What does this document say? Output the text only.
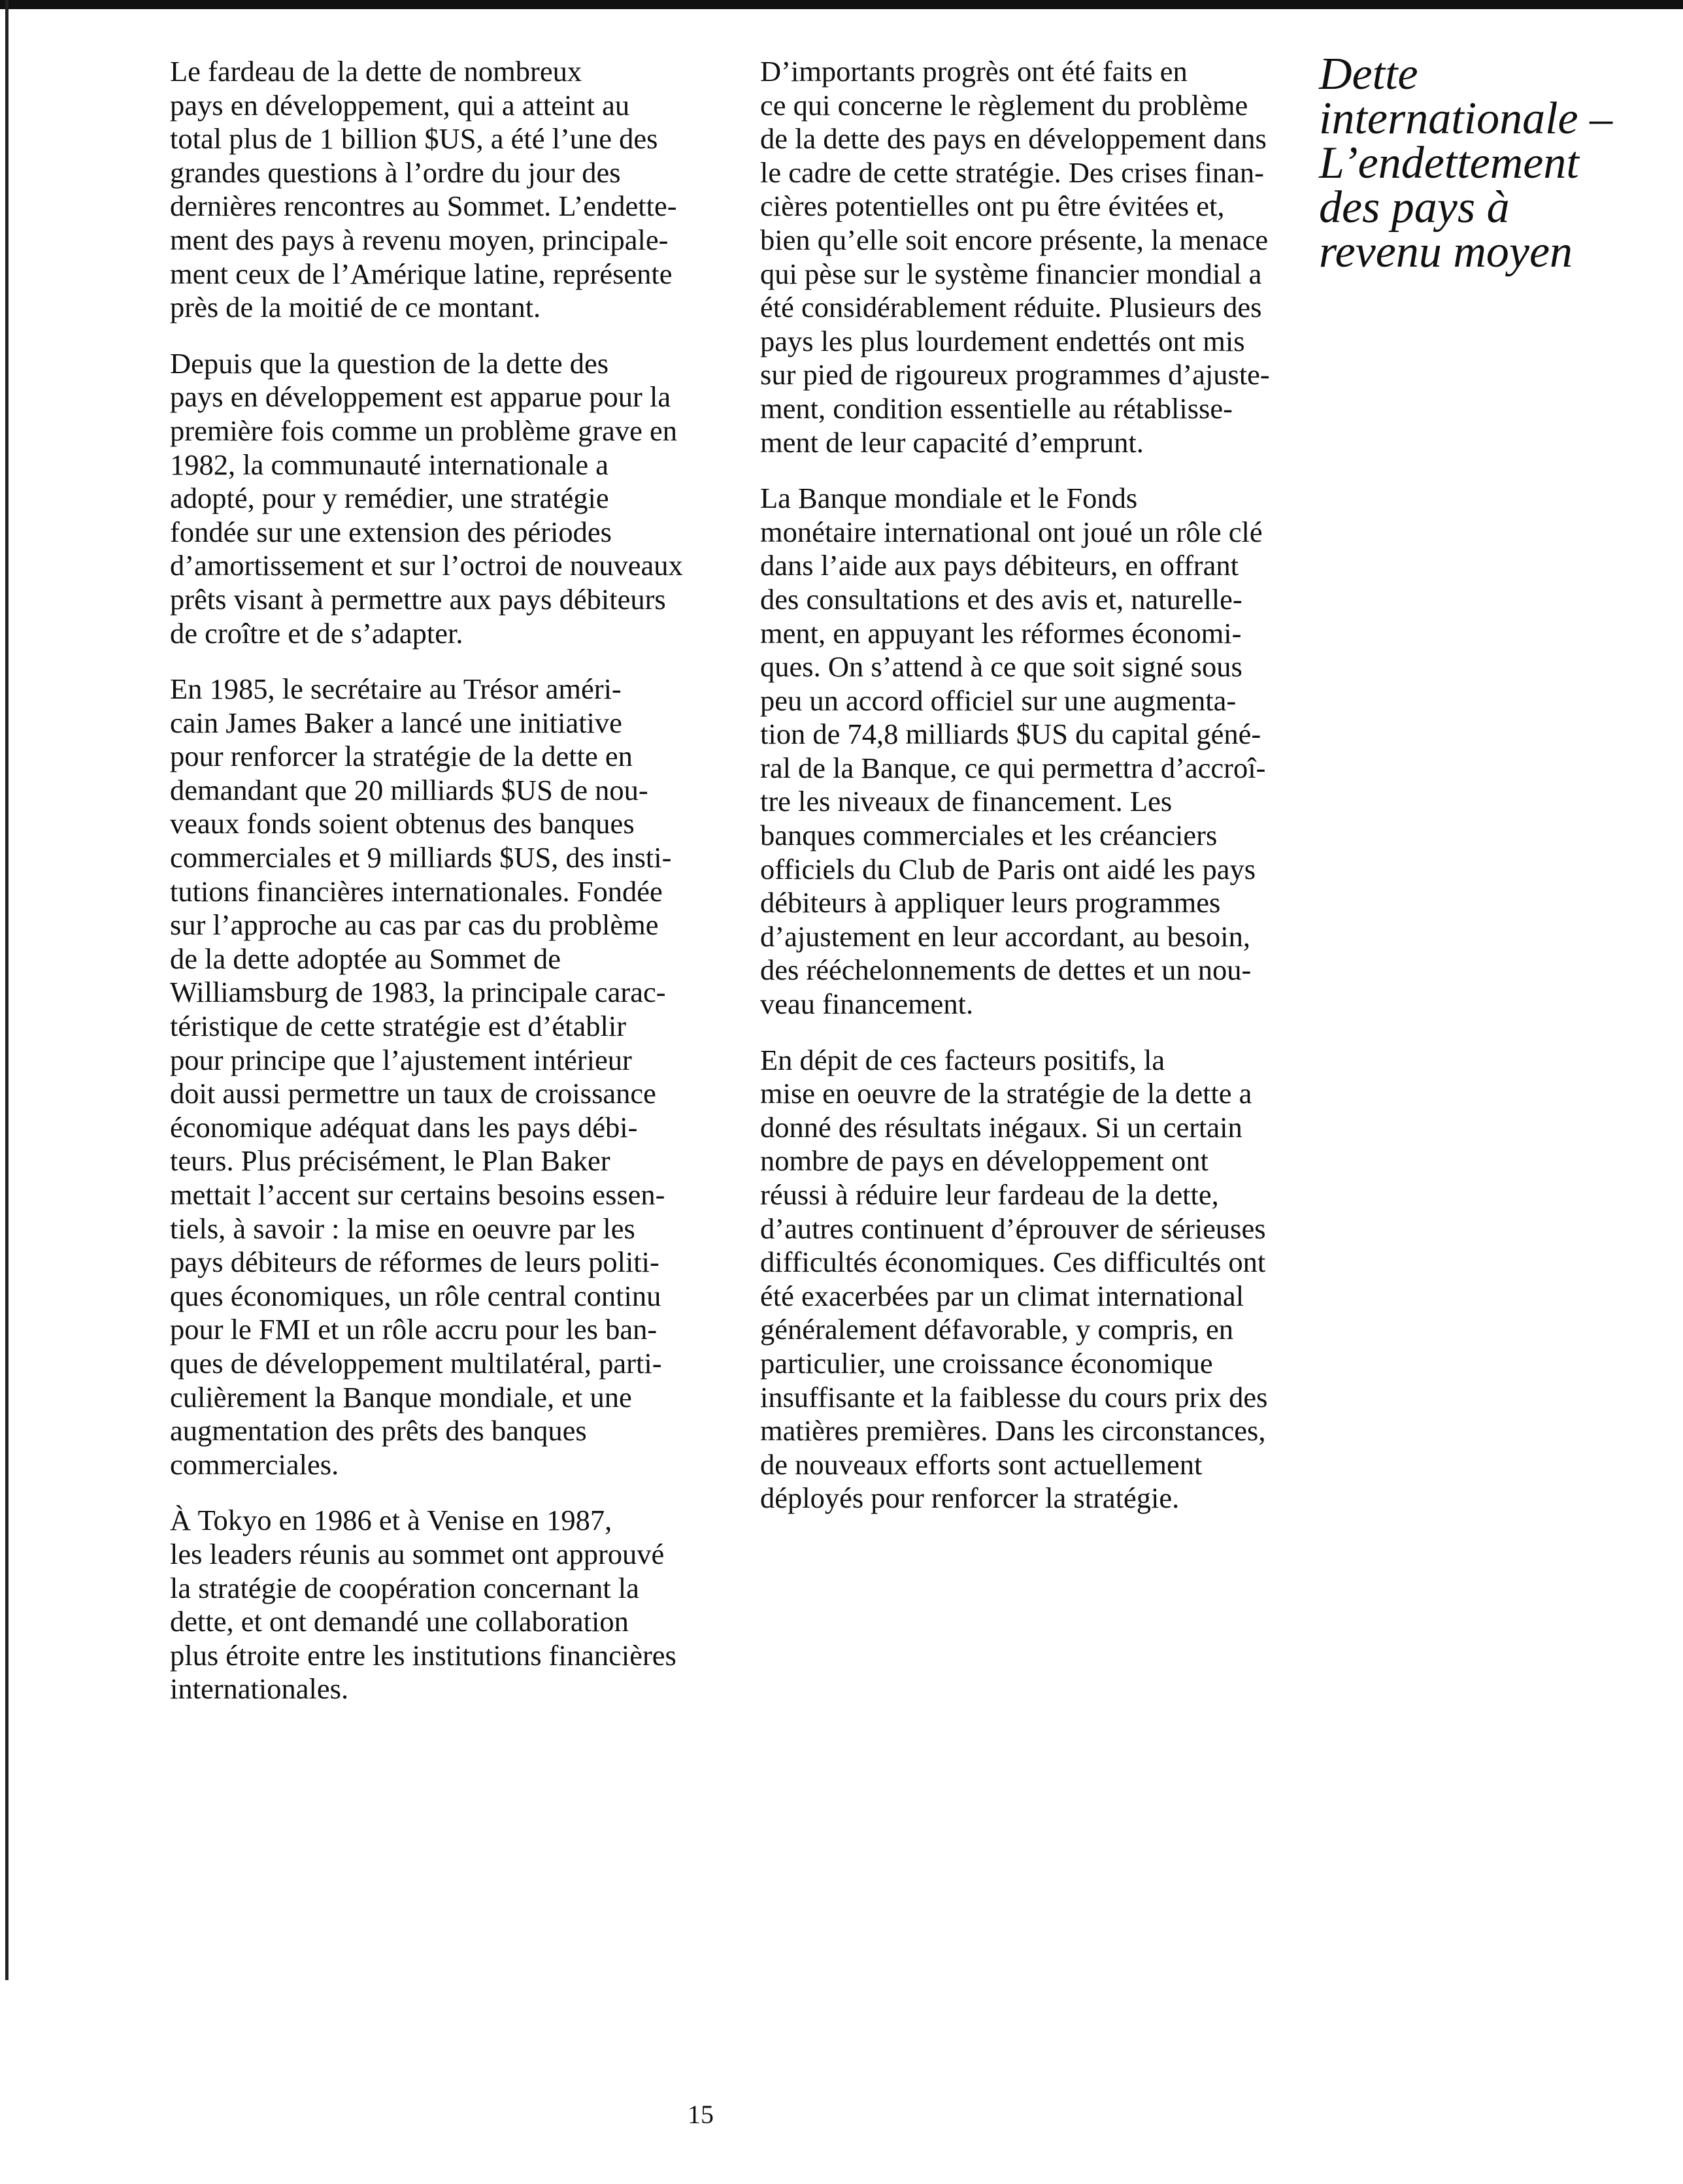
Le fardeau de la dette de nombreux
pays en développement, qui a atteint au
total plus de 1 billion $US, a été l’une des
grandes questions à l’ordre du jour des
dernières rencontres au Sommet. L’endette-
ment des pays à revenu moyen, principale-
ment ceux de l’Amérique latine, représente
près de la moitié de ce montant.

Depuis que la question de la dette des
pays en développement est apparue pour la
première fois comme un problème grave en
1982, la communauté internationale a
adopté, pour y remédier, une stratégie
fondée sur une extension des périodes
d’amortissement et sur l’octroi de nouveaux
prêts visant à permettre aux pays débiteurs
de croître et de s’adapter.

En 1985, le secrétaire au Trésor améri-
cain James Baker a lancé une initiative
pour renforcer la stratégie de la dette en
demandant que 20 milliards $US de nou-
veaux fonds soient obtenus des banques
commerciales et 9 milliards $US, des insti-
tutions financières internationales. Fondée
sur l’approche au cas par cas du problème
de la dette adoptée au Sommet de
Williamsburg de 1983, la principale carac-
téristique de cette stratégie est d’établir
pour principe que l’ajustement intérieur
doit aussi permettre un taux de croissance
économique adéquat dans les pays débi-
teurs. Plus précisément, le Plan Baker
mettait l’accent sur certains besoins essen-
tiels, à savoir : la mise en oeuvre par les
pays débiteurs de réformes de leurs politi-
ques économiques, un rôle central continu
pour le FMI et un rôle accru pour les ban-
ques de développement multilatéral, parti-
culièrement la Banque mondiale, et une
augmentation des prêts des banques
commerciales.

À Tokyo en 1986 et à Venise en 1987,
les leaders réunis au sommet ont approuvé
la stratégie de coopération concernant la
dette, et ont demandé une collaboration
plus étroite entre les institutions financières
internationales.

D’importants progrès ont été faits en
ce qui concerne le règlement du problème
de la dette des pays en développement dans
le cadre de cette stratégie. Des crises finan-
cières potentielles ont pu être évitées et,
bien qu’elle soit encore présente, la menace
qui pèse sur le système financier mondial a
été considérablement réduite. Plusieurs des
pays les plus lourdement endettés ont mis
sur pied de rigoureux programmes d’ajuste-
ment, condition essentielle au rétablisse-
ment de leur capacité d’emprunt.

La Banque mondiale et le Fonds
monétaire international ont joué un rôle clé
dans l’aide aux pays débiteurs, en offrant
des consultations et des avis et, naturelle-
ment, en appuyant les réformes économi-
ques. On s’attend à ce que soit signé sous
peu un accord officiel sur une augmenta-
tion de 74,8 milliards $US du capital géné-
ral de la Banque, ce qui permettra d’accroî-
tre les niveaux de financement. Les
banques commerciales et les créanciers
officiels du Club de Paris ont aidé les pays
débiteurs à appliquer leurs programmes
d’ajustement en leur accordant, au besoin,
des rééchelonnements de dettes et un nou-
veau financement.

En dépit de ces facteurs positifs, la
mise en oeuvre de la stratégie de la dette a
donné des résultats inégaux. Si un certain
nombre de pays en développement ont
réussi à réduire leur fardeau de la dette,
d’autres continuent d’éprouver de sérieuses
difficultés économiques. Ces difficultés ont
été exacerbées par un climat international
généralement défavorable, y compris, en
particulier, une croissance économique
insuffisante et la faiblesse du cours prix des
matières premières. Dans les circonstances,
de nouveaux efforts sont actuellement
déployés pour renforcer la stratégie.

Dette
internationale –
L’endettement
des pays à
revenu moyen
15
